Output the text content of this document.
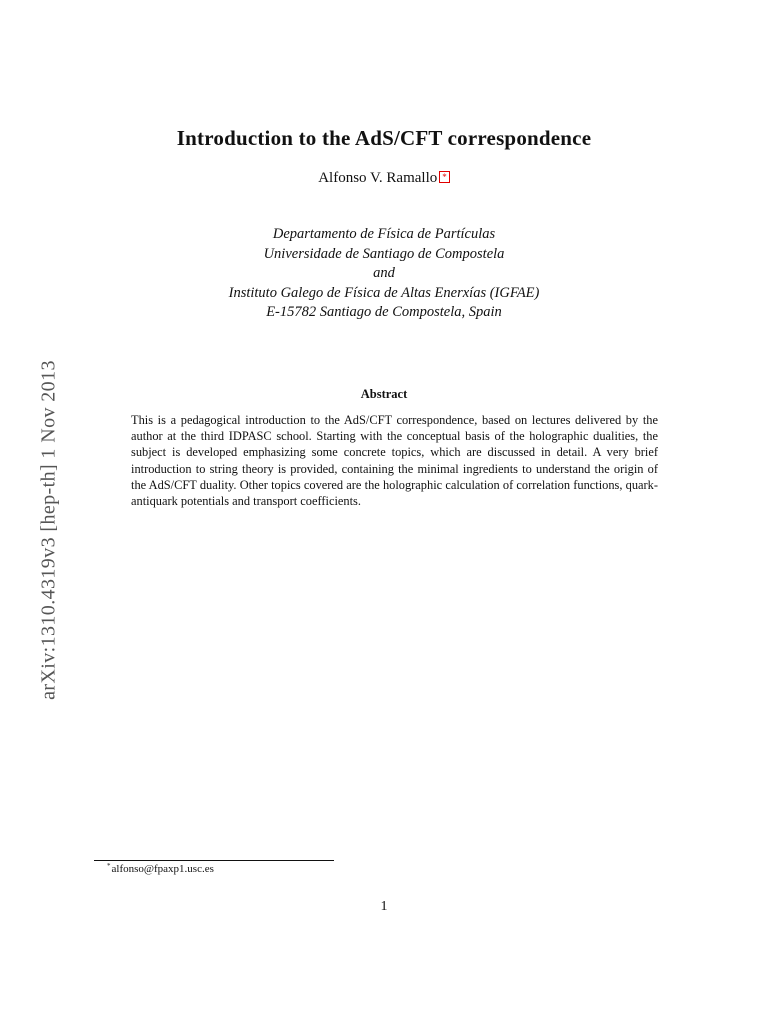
arXiv:1310.4319v3 [hep-th] 1 Nov 2013
Introduction to the AdS/CFT correspondence
Alfonso V. Ramallo *
Departamento de Física de Partículas
Universidade de Santiago de Compostela
and
Instituto Galego de Física de Altas Enerxías (IGFAE)
E-15782 Santiago de Compostela, Spain
Abstract
This is a pedagogical introduction to the AdS/CFT correspondence, based on lectures delivered by the author at the third IDPASC school. Starting with the conceptual basis of the holographic dualities, the subject is developed emphasizing some concrete topics, which are discussed in detail. A very brief introduction to string theory is provided, containing the minimal ingredients to understand the origin of the AdS/CFT duality. Other topics covered are the holographic calculation of correlation functions, quark-antiquark potentials and transport coefficients.
*alfonso@fpaxp1.usc.es
1
